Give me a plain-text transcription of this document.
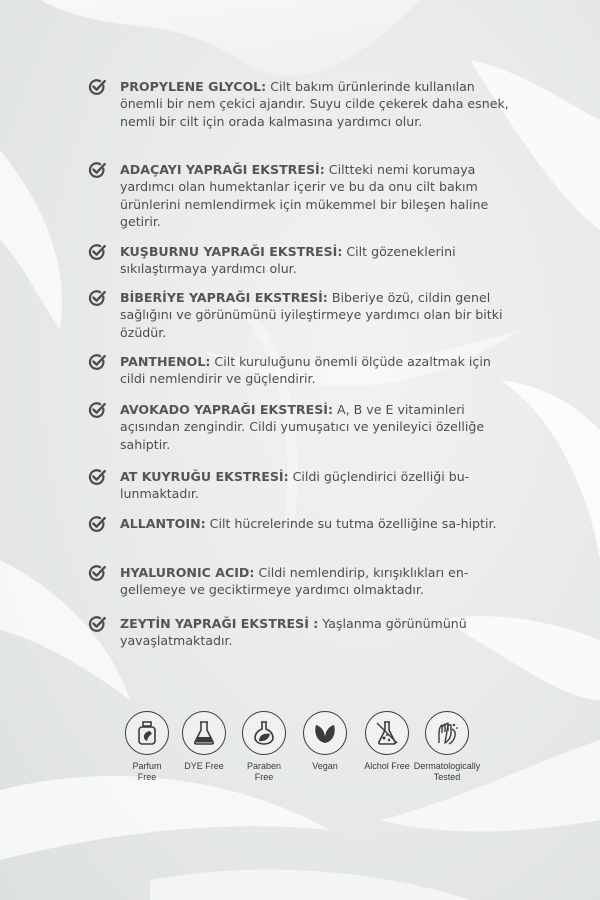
PROPYLENE GLYCOL: Cilt bakım ürünlerinde kullanılan önemli bir nem çekici ajandır. Suyu cilde çekerek daha esnek, nemli bir cilt için orada kalmasına yardımcı olur.
ADAÇAYI YAPRAĞI EKSTRESİ: Ciltteki nemi korumaya yardımcı olan humektanlar içerir ve bu da onu cilt bakım ürünlerini nemlendirmek için mükemmel bir bileşen haline getirir.
KUŞBURNU YAPRAĞI EKSTRESİ: Cilt gözeneklerini sıkılaştırmaya yardımcı olur.
BİBERİYE YAPRAĞI EKSTRESİ: Biberiye özü, cildin genel sağlığını ve görünümünü iyileştirmeye yardımcı olan bir bitki özüdür.
PANTHENOL: Cilt kuruluğunu önemli ölçüde azaltmak için cildi nemlendirir ve güçlendirir.
AVOKADO YAPRAĞI EKSTRESİ: A, B ve E vitaminleri açısından zengindir. Cildi yumuşatıcı ve yenileyici özelliğe sahiptir.
AT KUYRUĞU EKSTRESİ: Cildi güçlendirici özelliği bu-lunmaktadır.
ALLANTOIN: Cilt hücrelerinde su tutma özelliğine sa-hiptir.
HYALURONIC ACID: Cildi nemlendirip, kırışıklıkları en-gellemeye ve geciktirmeye yardımcı olmaktadır.
ZEYTİN YAPRAĞI EKSTRESİ : Yaşlanma görünümünü yavaşlatmaktadır.
Parfum Free
DYE Free	Paraben Free
Vegan	Alchol Free Dermatologically Tested
